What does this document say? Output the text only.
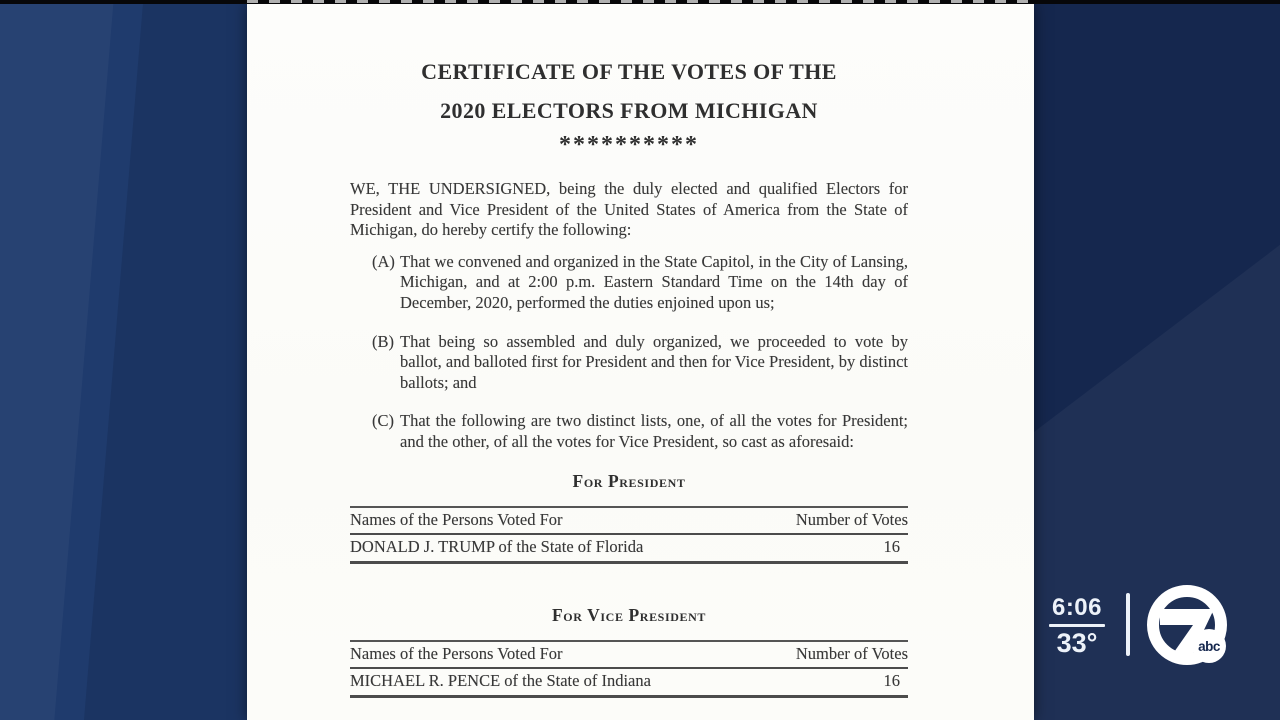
CERTIFICATE OF THE VOTES OF THE
2020 ELECTORS FROM MICHIGAN
**********
WE, THE UNDERSIGNED, being the duly elected and qualified Electors for President and Vice President of the United States of America from the State of Michigan, do hereby certify the following:
(A) That we convened and organized in the State Capitol, in the City of Lansing, Michigan, and at 2:00 p.m. Eastern Standard Time on the 14th day of December, 2020, performed the duties enjoined upon us;
(B) That being so assembled and duly organized, we proceeded to vote by ballot, and balloted first for President and then for Vice President, by distinct ballots; and
(C) That the following are two distinct lists, one, of all the votes for President; and the other, of all the votes for Vice President, so cast as aforesaid:
For President
Names of the Persons Voted For	Number of Votes
DONALD J. TRUMP of the State of Florida	16
For Vice President
Names of the Persons Voted For	Number of Votes
MICHAEL R. PENCE of the State of Indiana	16
6:06
33°	abc
